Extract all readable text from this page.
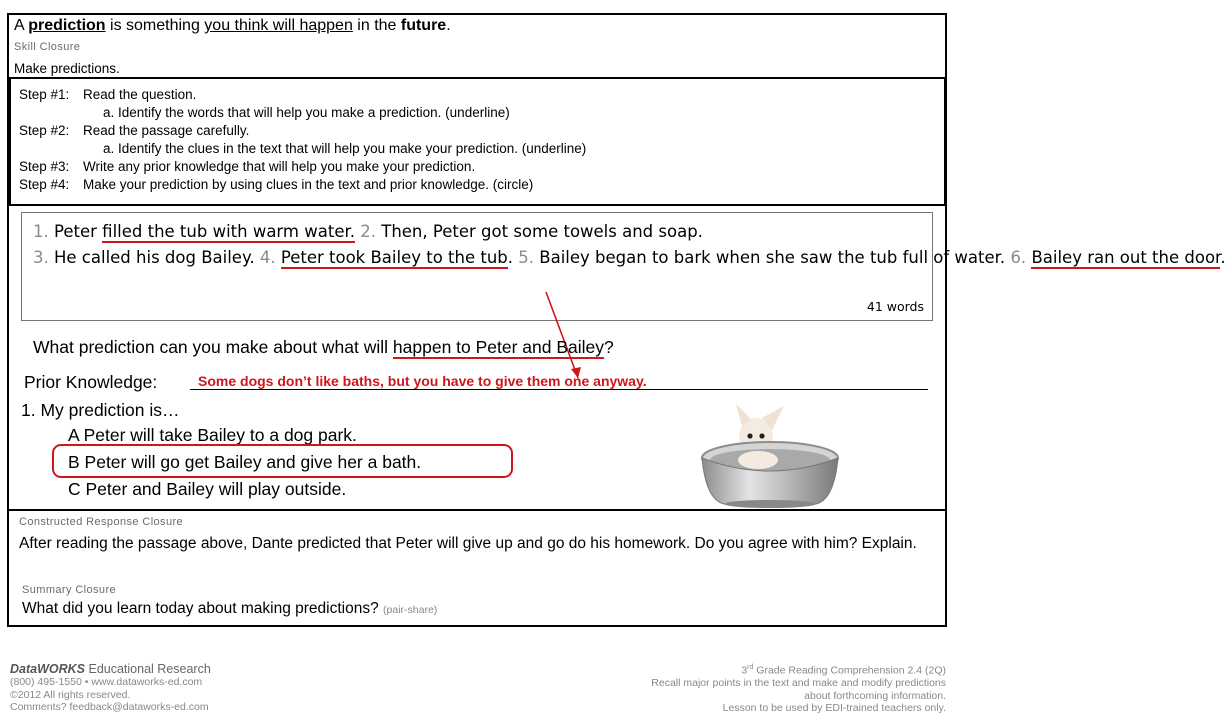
A prediction is something you think will happen in the future.
Skill Closure
Make predictions.
Step #1: Read the question.
a. Identify the words that will help you make a prediction. (underline)
Step #2: Read the passage carefully.
a. Identify the clues in the text that will help you make your prediction. (underline)
Step #3: Write any prior knowledge that will help you make your prediction.
Step #4: Make your prediction by using clues in the text and prior knowledge. (circle)
1. Peter filled the tub with warm water. 2. Then, Peter got some towels and soap.
3. He called his dog Bailey. 4. Peter took Bailey to the tub. 5. Bailey began to bark when she saw the tub full of water. 6. Bailey ran out the door.
41 words
What prediction can you make about what will happen to Peter and Bailey?
Prior Knowledge:	Some dogs don’t like baths, but you have to give them one anyway.
1. My prediction is…
A Peter will take Bailey to a dog park.
B Peter will go get Bailey and give her a bath.
C Peter and Bailey will play outside.
Constructed Response Closure
After reading the passage above, Dante predicted that Peter will give up and go do his homework. Do you agree with him? Explain.
Summary Closure
What did you learn today about making predictions? (pair-share)
DataWORKS Educational Research
(800) 495-1550 • www.dataworks-ed.com
©2012 All rights reserved.
Comments? feedback@dataworks-ed.com
3rd Grade Reading Comprehension 2.4 (2Q)
Recall major points in the text and make and modify predictions
about forthcoming information.
Lesson to be used by EDI-trained teachers only.
